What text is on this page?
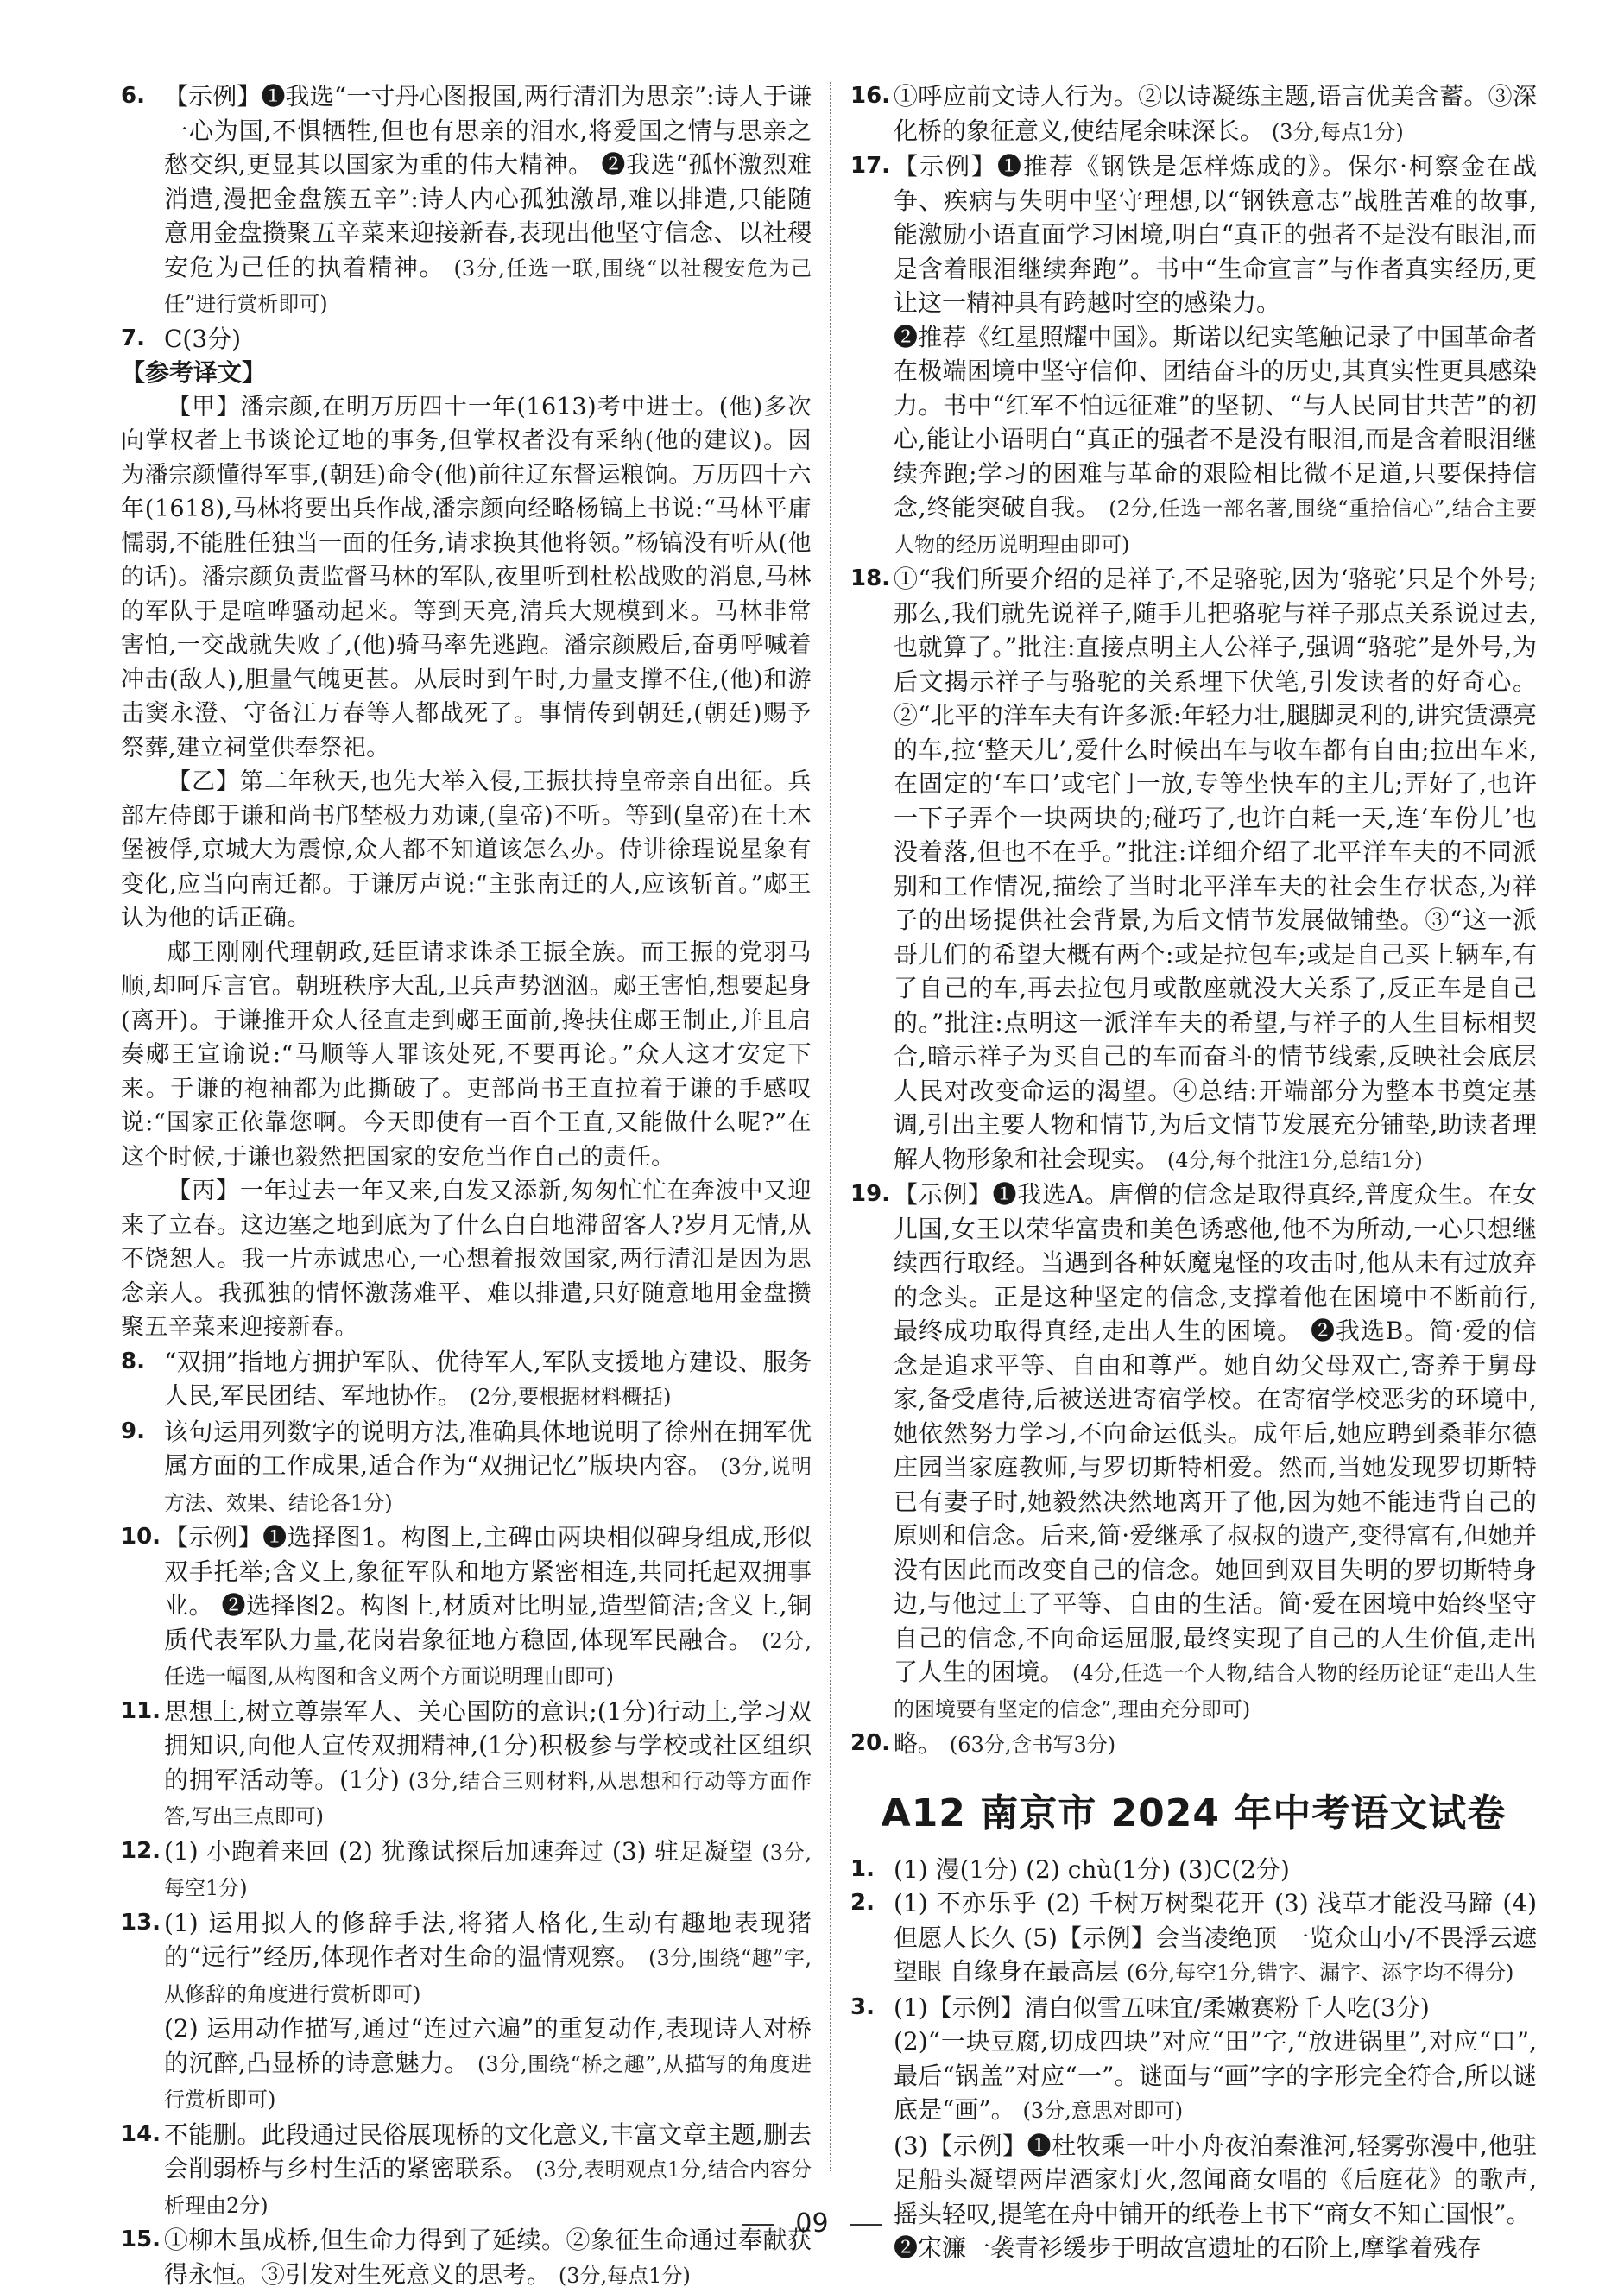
6. 【示例】❶我选“一寸丹心图报国,两行清泪为思亲”:诗人于谦一心为国,不惧牺牲,但也有思亲的泪水,将爱国之情与思亲之愁交织,更显其以国家为重的伟大精神。 ❷我选“孤怀激烈难消遣,漫把金盘簇五辛”:诗人内心孤独激昂,难以排遣,只能随意用金盘攒聚五辛菜来迎接新春,表现出他坚守信念、以社稷安危为己任的执着精神。 (3分,任选一联,围绕“以社稷安危为己任”进行赏析即可)
7. C(3分)

【参考译文】

【甲】潘宗颜,在明万历四十一年(1613)考中进士。(他)多次向掌权者上书谈论辽地的事务,但掌权者没有采纳(他的建议)。因为潘宗颜懂得军事,(朝廷)命令(他)前往辽东督运粮饷。万历四十六年(1618),马林将要出兵作战,潘宗颜向经略杨镐上书说:“马林平庸懦弱,不能胜任独当一面的任务,请求换其他将领。”杨镐没有听从(他的话)。潘宗颜负责监督马林的军队,夜里听到杜松战败的消息,马林的军队于是喧哗骚动起来。等到天亮,清兵大规模到来。马林非常害怕,一交战就失败了,(他)骑马率先逃跑。潘宗颜殿后,奋勇呼喊着冲击(敌人),胆量气魄更甚。从辰时到午时,力量支撑不住,(他)和游击窦永澄、守备江万春等人都战死了。事情传到朝廷,(朝廷)赐予祭葬,建立祠堂供奉祭祀。

【乙】第二年秋天,也先大举入侵,王振扶持皇帝亲自出征。兵部左侍郎于谦和尚书邝埜极力劝谏,(皇帝)不听。等到(皇帝)在土木堡被俘,京城大为震惊,众人都不知道该怎么办。侍讲徐珵说星象有变化,应当向南迁都。于谦厉声说:“主张南迁的人,应该斩首。”郕王认为他的话正确。

郕王刚刚代理朝政,廷臣请求诛杀王振全族。而王振的党羽马顺,却呵斥言官。朝班秩序大乱,卫兵声势汹汹。郕王害怕,想要起身(离开)。于谦推开众人径直走到郕王面前,搀扶住郕王制止,并且启奏郕王宣谕说:“马顺等人罪该处死,不要再论。”众人这才安定下来。于谦的袍袖都为此撕破了。吏部尚书王直拉着于谦的手感叹说:“国家正依靠您啊。今天即使有一百个王直,又能做什么呢?”在这个时候,于谦也毅然把国家的安危当作自己的责任。

【丙】一年过去一年又来,白发又添新,匆匆忙忙在奔波中又迎来了立春。这边塞之地到底为了什么白白地滞留客人?岁月无情,从不饶恕人。我一片赤诚忠心,一心想着报效国家,两行清泪是因为思念亲人。我孤独的情怀激荡难平、难以排遣,只好随意地用金盘攒聚五辛菜来迎接新春。

8. “双拥”指地方拥护军队、优待军人,军队支援地方建设、服务人民,军民团结、军地协作。 (2分,要根据材料概括)
9. 该句运用列数字的说明方法,准确具体地说明了徐州在拥军优属方面的工作成果,适合作为“双拥记忆”版块内容。 (3分,说明方法、效果、结论各1分)
10. 【示例】❶选择图1。构图上,主碑由两块相似碑身组成,形似双手托举;含义上,象征军队和地方紧密相连,共同托起双拥事业。 ❷选择图2。构图上,材质对比明显,造型简洁;含义上,铜质代表军队力量,花岗岩象征地方稳固,体现军民融合。 (2分,任选一幅图,从构图和含义两个方面说明理由即可)
11. 思想上,树立尊崇军人、关心国防的意识;(1分)行动上,学习双拥知识,向他人宣传双拥精神,(1分)积极参与学校或社区组织的拥军活动等。(1分) (3分,结合三则材料,从思想和行动等方面作答,写出三点即可)
12. (1) 小跑着来回 (2) 犹豫试探后加速奔过 (3) 驻足凝望 (3分,每空1分)
13. (1) 运用拟人的修辞手法,将猪人格化,生动有趣地表现猪的“远行”经历,体现作者对生命的温情观察。 (3分,围绕“趣”字,从修辞的角度进行赏析即可)

(2) 运用动作描写,通过“连过六遍”的重复动作,表现诗人对桥的沉醉,凸显桥的诗意魅力。 (3分,围绕“桥之趣”,从描写的角度进行赏析即可)

14. 不能删。此段通过民俗展现桥的文化意义,丰富文章主题,删去会削弱桥与乡村生活的紧密联系。 (3分,表明观点1分,结合内容分析理由2分)
15. ①柳木虽成桥,但生命力得到了延续。②象征生命通过奉献获得永恒。③引发对生死意义的思考。 (3分,每点1分)
16. ①呼应前文诗人行为。②以诗凝练主题,语言优美含蓄。③深化桥的象征意义,使结尾余味深长。 (3分,每点1分)
17. 【示例】❶推荐《钢铁是怎样炼成的》。保尔·柯察金在战争、疾病与失明中坚守理想,以“钢铁意志”战胜苦难的故事,能激励小语直面学习困境,明白“真正的强者不是没有眼泪,而是含着眼泪继续奔跑”。书中“生命宣言”与作者真实经历,更让这一精神具有跨越时空的感染力。

❷推荐《红星照耀中国》。斯诺以纪实笔触记录了中国革命者在极端困境中坚守信仰、团结奋斗的历史,其真实性更具感染力。书中“红军不怕远征难”的坚韧、“与人民同甘共苦”的初心,能让小语明白“真正的强者不是没有眼泪,而是含着眼泪继续奔跑;学习的困难与革命的艰险相比微不足道,只要保持信念,终能突破自我。 (2分,任选一部名著,围绕“重拾信心”,结合主要人物的经历说明理由即可)

18. ①“我们所要介绍的是祥子,不是骆驼,因为‘骆驼’只是个外号;那么,我们就先说祥子,随手儿把骆驼与祥子那点关系说过去,也就算了。”批注:直接点明主人公祥子,强调“骆驼”是外号,为后文揭示祥子与骆驼的关系埋下伏笔,引发读者的好奇心。②“北平的洋车夫有许多派:年轻力壮,腿脚灵利的,讲究赁漂亮的车,拉‘整天儿’,爱什么时候出车与收车都有自由;拉出车来,在固定的‘车口’或宅门一放,专等坐快车的主儿;弄好了,也许一下子弄个一块两块的;碰巧了,也许白耗一天,连‘车份儿’也没着落,但也不在乎。”批注:详细介绍了北平洋车夫的不同派别和工作情况,描绘了当时北平洋车夫的社会生存状态,为祥子的出场提供社会背景,为后文情节发展做铺垫。③“这一派哥儿们的希望大概有两个:或是拉包车;或是自己买上辆车,有了自己的车,再去拉包月或散座就没大关系了,反正车是自己的。”批注:点明这一派洋车夫的希望,与祥子的人生目标相契合,暗示祥子为买自己的车而奋斗的情节线索,反映社会底层人民对改变命运的渴望。④总结:开端部分为整本书奠定基调,引出主要人物和情节,为后文情节发展充分铺垫,助读者理解人物形象和社会现实。 (4分,每个批注1分,总结1分)
19. 【示例】❶我选A。唐僧的信念是取得真经,普度众生。在女儿国,女王以荣华富贵和美色诱惑他,他不为所动,一心只想继续西行取经。当遇到各种妖魔鬼怪的攻击时,他从未有过放弃的念头。正是这种坚定的信念,支撑着他在困境中不断前行,最终成功取得真经,走出人生的困境。 ❷我选B。简·爱的信念是追求平等、自由和尊严。她自幼父母双亡,寄养于舅母家,备受虐待,后被送进寄宿学校。在寄宿学校恶劣的环境中,她依然努力学习,不向命运低头。成年后,她应聘到桑菲尔德庄园当家庭教师,与罗切斯特相爱。然而,当她发现罗切斯特已有妻子时,她毅然决然地离开了他,因为她不能违背自己的原则和信念。后来,简·爱继承了叔叔的遗产,变得富有,但她并没有因此而改变自己的信念。她回到双目失明的罗切斯特身边,与他过上了平等、自由的生活。简·爱在困境中始终坚守自己的信念,不向命运屈服,最终实现了自己的人生价值,走出了人生的困境。 (4分,任选一个人物,结合人物的经历论证“走出人生的困境要有坚定的信念”,理由充分即可)
20. 略。 (63分,含书写3分)
A12 南京市 2024 年中考语文试卷
1. (1) 漫(1分) (2) chù(1分) (3)C(2分)
2. (1) 不亦乐乎 (2) 千树万树梨花开 (3) 浅草才能没马蹄 (4) 但愿人长久 (5)【示例】会当凌绝顶 一览众山小/不畏浮云遮望眼 自缘身在最高层 (6分,每空1分,错字、漏字、添字均不得分)
3. (1)【示例】清白似雪五味宜/柔嫩赛粉千人吃(3分)

(2)“一块豆腐,切成四块”对应“田”字,“放进锅里”,对应“口”,最后“锅盖”对应“一”。谜面与“画”字的字形完全符合,所以谜底是“画”。 (3分,意思对即可)

(3)【示例】❶杜牧乘一叶小舟夜泊秦淮河,轻雾弥漫中,他驻足船头凝望两岸酒家灯火,忽闻商女唱的《后庭花》的歌声,摇头轻叹,提笔在舟中铺开的纸卷上书下“商女不知亡国恨”。

❷宋濂一袭青衫缓步于明故宫遗址的石阶上,摩挲着残存

09
